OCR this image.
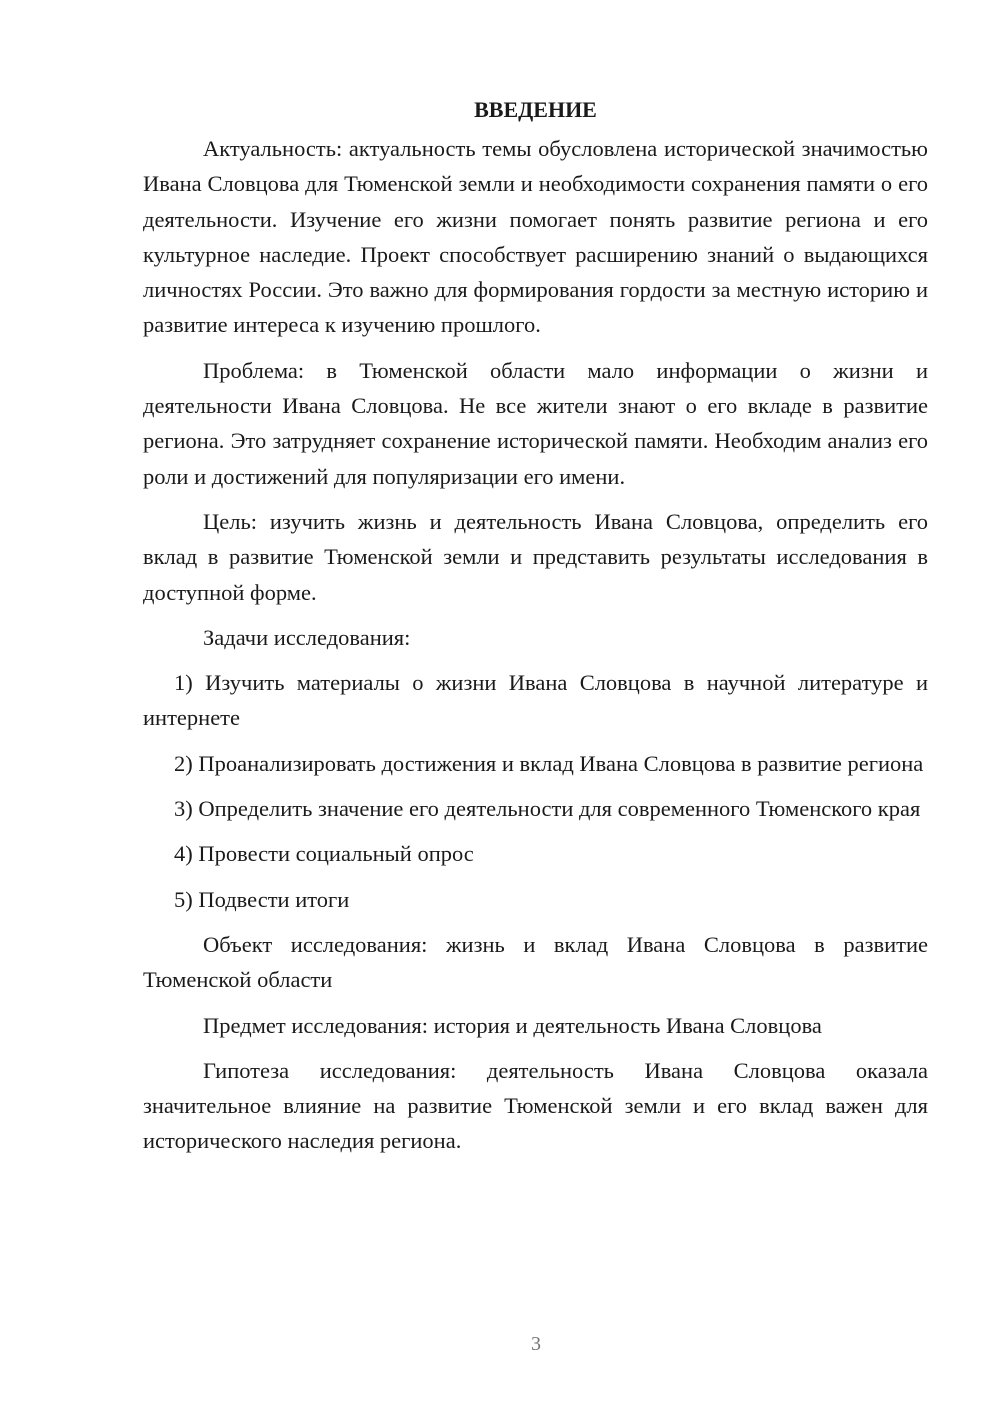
ВВЕДЕНИЕ

Актуальность: актуальность темы обусловлена исторической значимостью Ивана Словцова для Тюменской земли и необходимости сохранения памяти о его деятельности. Изучение его жизни помогает понять развитие региона и его культурное наследие. Проект способствует расширению знаний о выдающихся личностях России. Это важно для формирования гордости за местную историю и развитие интереса к изучению прошлого.

Проблема: в Тюменской области мало информации о жизни и деятельности Ивана Словцова. Не все жители знают о его вкладе в развитие региона. Это затрудняет сохранение исторической памяти. Необходим анализ его роли и достижений для популяризации его имени.

Цель: изучить жизнь и деятельность Ивана Словцова, определить его вклад в развитие Тюменской земли и представить результаты исследования в доступной форме.

Задачи исследования:

1) Изучить материалы о жизни Ивана Словцова в научной литературе и интернете

2) Проанализировать достижения и вклад Ивана Словцова в развитие региона

3) Определить значение его деятельности для современного Тюменского края

4) Провести социальный опрос

5) Подвести итоги

Объект исследования: жизнь и вклад Ивана Словцова в развитие Тюменской области

Предмет исследования: история и деятельность Ивана Словцова

Гипотеза исследования: деятельность Ивана Словцова оказала значительное влияние на развитие Тюменской земли и его вклад важен для исторического наследия региона.

3
